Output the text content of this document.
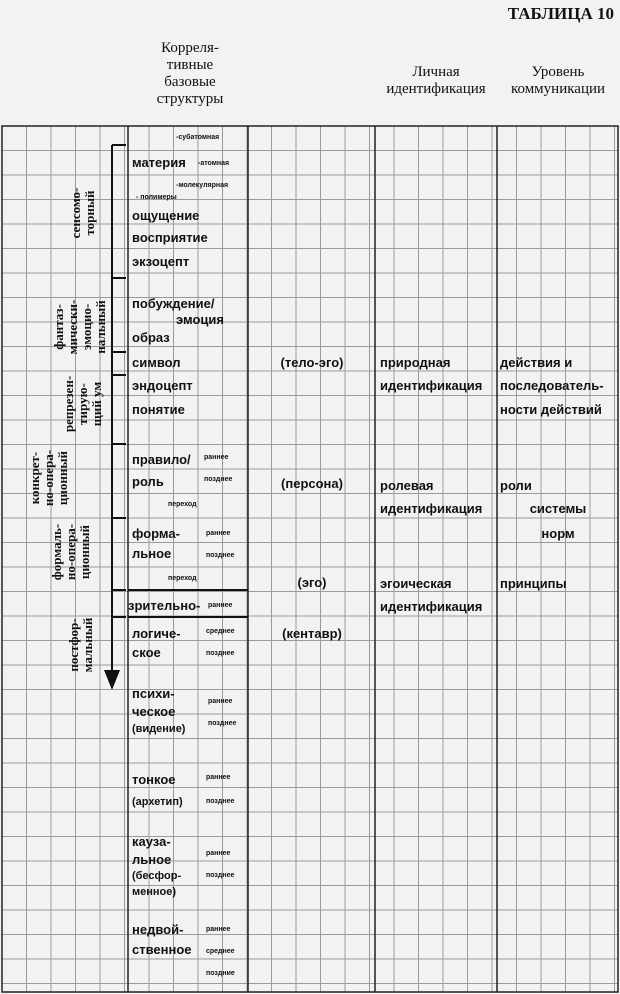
ТАБЛИЦА 10
Корреля-
тивные
базовые
структуры
Личная
идентификация
Уровень
коммуникации
сенсомо-
торный
фантаз-
мически-
эмоцио-
нальный
репрезен-
тирую-
щий ум
конкрет-
но-опера-
ционный
формаль-
но-опера-
ционный
постфор-
мальный
-субатомная
материя -атомная
-молекулярная
- полимеры
ощущение
восприятие
экзоцепт
побуждение/
эмоция
образ
символ
эндоцепт
понятие
правило/
роль
раннее
позднее
переход
форма-
льное
раннее
позднее
переход
зрительно- раннее
логиче-
ское
среднее
позднее
психи-
ческое
(видение)
раннее
позднее
тонкое
(архетип)
раннее
позднее
кауза-
льное
(бесфор-
менное)
раннее
позднее
недвой-
ственное
раннее
среднее
поздние
(тело-эго)
(персона)
(эго)
(кентавр)
природная
идентификация
ролевая
идентификация
эгоическая
идентификация
действия и
последователь-
ности действий
роли
системы
норм
принципы
